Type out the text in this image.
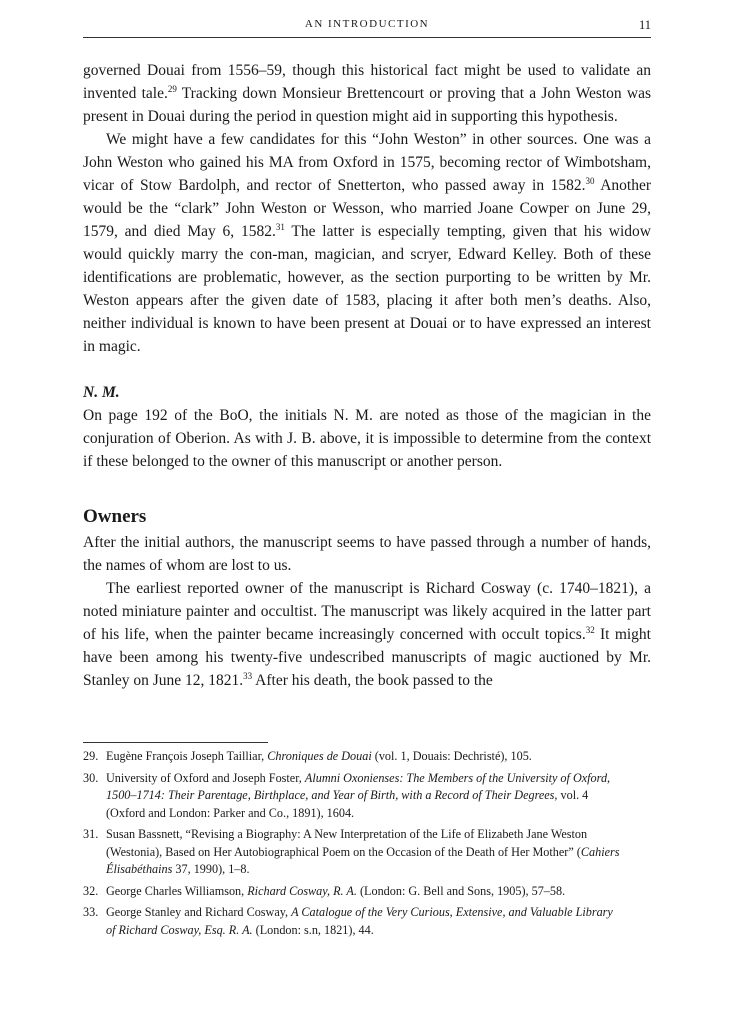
AN INTRODUCTION	11

governed Douai from 1556–59, though this historical fact might be used to validate an invented tale.$^{29}$ Tracking down Monsieur Brettencourt or proving that a John Weston was present in Douai during the period in question might aid in supporting this hypothesis.

We might have a few candidates for this “John Weston” in other sources. One was a John Weston who gained his MA from Oxford in 1575, becoming rector of Wimbotsham, vicar of Stow Bardolph, and rector of Snetterton, who passed away in 1582.30 Another would be the “clark” John Weston or Wesson, who married Joane Cowper on June 29, 1579, and died May 6, 1582.31 The latter is especially tempting, given that his widow would quickly marry the con-man, magician, and scryer, Edward Kelley. Both of these identifications are problematic, however, as the section purporting to be written by Mr. Weston appears after the given date of 1583, placing it after both men’s deaths. Also, neither individual is known to have been present at Douai or to have expressed an interest in magic.

N. M.

On page 192 of the BoO, the initials N. M. are noted as those of the magician in the conjuration of Oberion. As with J. B. above, it is impossible to determine from the context if these belonged to the owner of this manuscript or another person.

Owners

After the initial authors, the manuscript seems to have passed through a number of hands, the names of whom are lost to us.

The earliest reported owner of the manuscript is Richard Cosway (c. 1740–1821), a noted miniature painter and occultist. The manuscript was likely acquired in the latter part of his life, when the painter became increasingly concerned with occult topics.$^{32}$ It might have been among his twenty-five undescribed manuscripts of magic auctioned by Mr. Stanley on June 12, 1821.33 After his death, the book passed to the

29. Eugène François Joseph Tailliar, Chroniques de Douai (vol. 1, Douais: Dechristé), 105.
30. University of Oxford and Joseph Foster, Alumni Oxonienses: The Members of the University of Oxford, 1500–1714: Their Parentage, Birthplace, and Year of Birth, with a Record of Their Degrees, vol. 4 (Oxford and London: Parker and Co., 1891), 1604.
31. Susan Bassnett, “Revising a Biography: A New Interpretation of the Life of Elizabeth Jane Weston (Westonia), Based on Her Autobiographical Poem on the Occasion of the Death of Her Mother” (Cahiers Élisabéthains 37, 1990), 1–8.
32. George Charles Williamson, Richard Cosway, R. A. (London: G. Bell and Sons, 1905), 57–58.
33. George Stanley and Richard Cosway, A Catalogue of the Very Curious, Extensive, and Valuable Library of Richard Cosway, Esq. R. A. (London: s.n, 1821), 44.
